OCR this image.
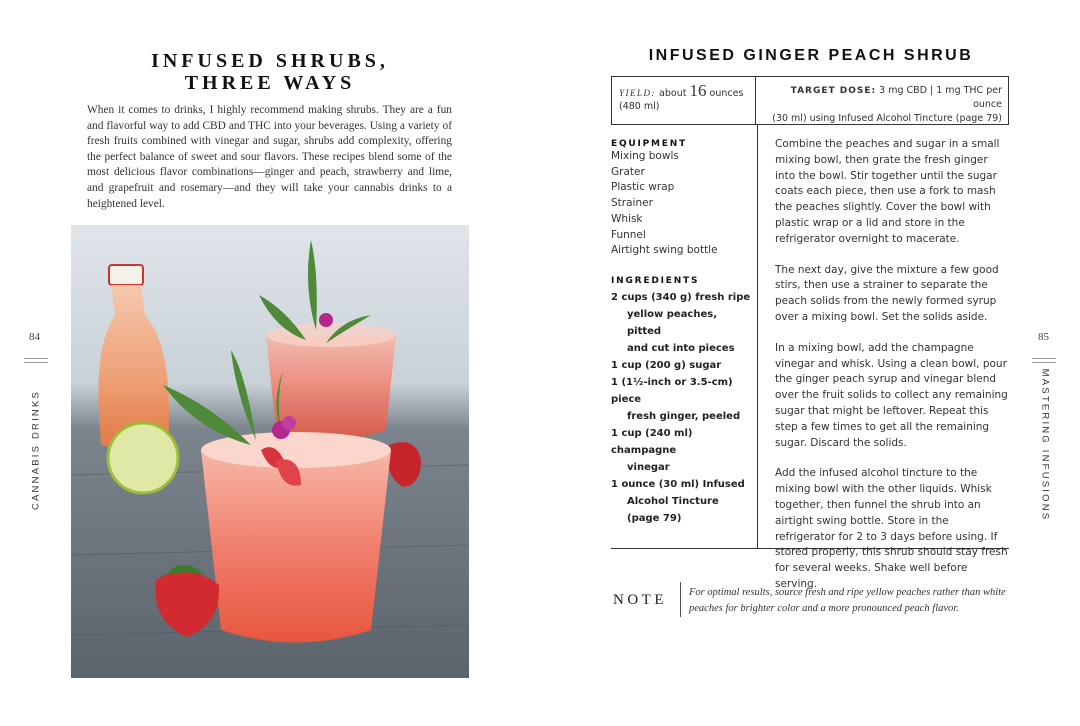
INFUSED SHRUBS,
THREE WAYS
When it comes to drinks, I highly recommend making shrubs. They are a fun and flavorful way to add CBD and THC into your beverages. Using a variety of fresh fruits combined with vinegar and sugar, shrubs add complexity, offering the perfect balance of sweet and sour flavors. These recipes blend some of the most delicious flavor combinations—ginger and peach, strawberry and lime, and grapefruit and rosemary—and they will take your cannabis drinks to a heightened level.
84
CANNABIS DRINKS
INFUSED GINGER PEACH SHRUB
YIELD: about 16 ounces
(480 ml)
TARGET DOSE: 3 mg CBD | 1 mg THC per ounce
(30 ml) using Infused Alcohol Tincture (page 79)
EQUIPMENT
Mixing bowls
Grater
Plastic wrap
Strainer
Whisk
Funnel
Airtight swing bottle
INGREDIENTS
2 cups (340 g) fresh ripe
yellow peaches, pitted
and cut into pieces
1 cup (200 g) sugar
1 (1½-inch or 3.5-cm) piece
fresh ginger, peeled
1 cup (240 ml) champagne
vinegar
1 ounce (30 ml) Infused
Alcohol Tincture
(page 79)

Combine the peaches and sugar in a small mixing bowl, then grate the fresh ginger into the bowl. Stir together until the sugar coats each piece, then use a fork to mash the peaches slightly. Cover the bowl with plastic wrap or a lid and store in the refrigerator overnight to macerate.

The next day, give the mixture a few good stirs, then use a strainer to separate the peach solids from the newly formed syrup over a mixing bowl. Set the solids aside.

In a mixing bowl, add the champagne vinegar and whisk. Using a clean bowl, pour the ginger peach syrup and vinegar blend over the fruit solids to collect any remaining sugar that might be leftover. Repeat this step a few times to get all the remaining sugar. Discard the solids.

Add the infused alcohol tincture to the mixing bowl with the other liquids. Whisk together, then funnel the shrub into an airtight swing bottle. Store in the refrigerator for 2 to 3 days before using. If stored properly, this shrub should stay fresh for several weeks. Shake well before serving.

NOTE For optimal results, source fresh and ripe yellow peaches rather than white peaches for brighter color and a more pronounced peach flavor.
85
MASTERING INFUSIONS
